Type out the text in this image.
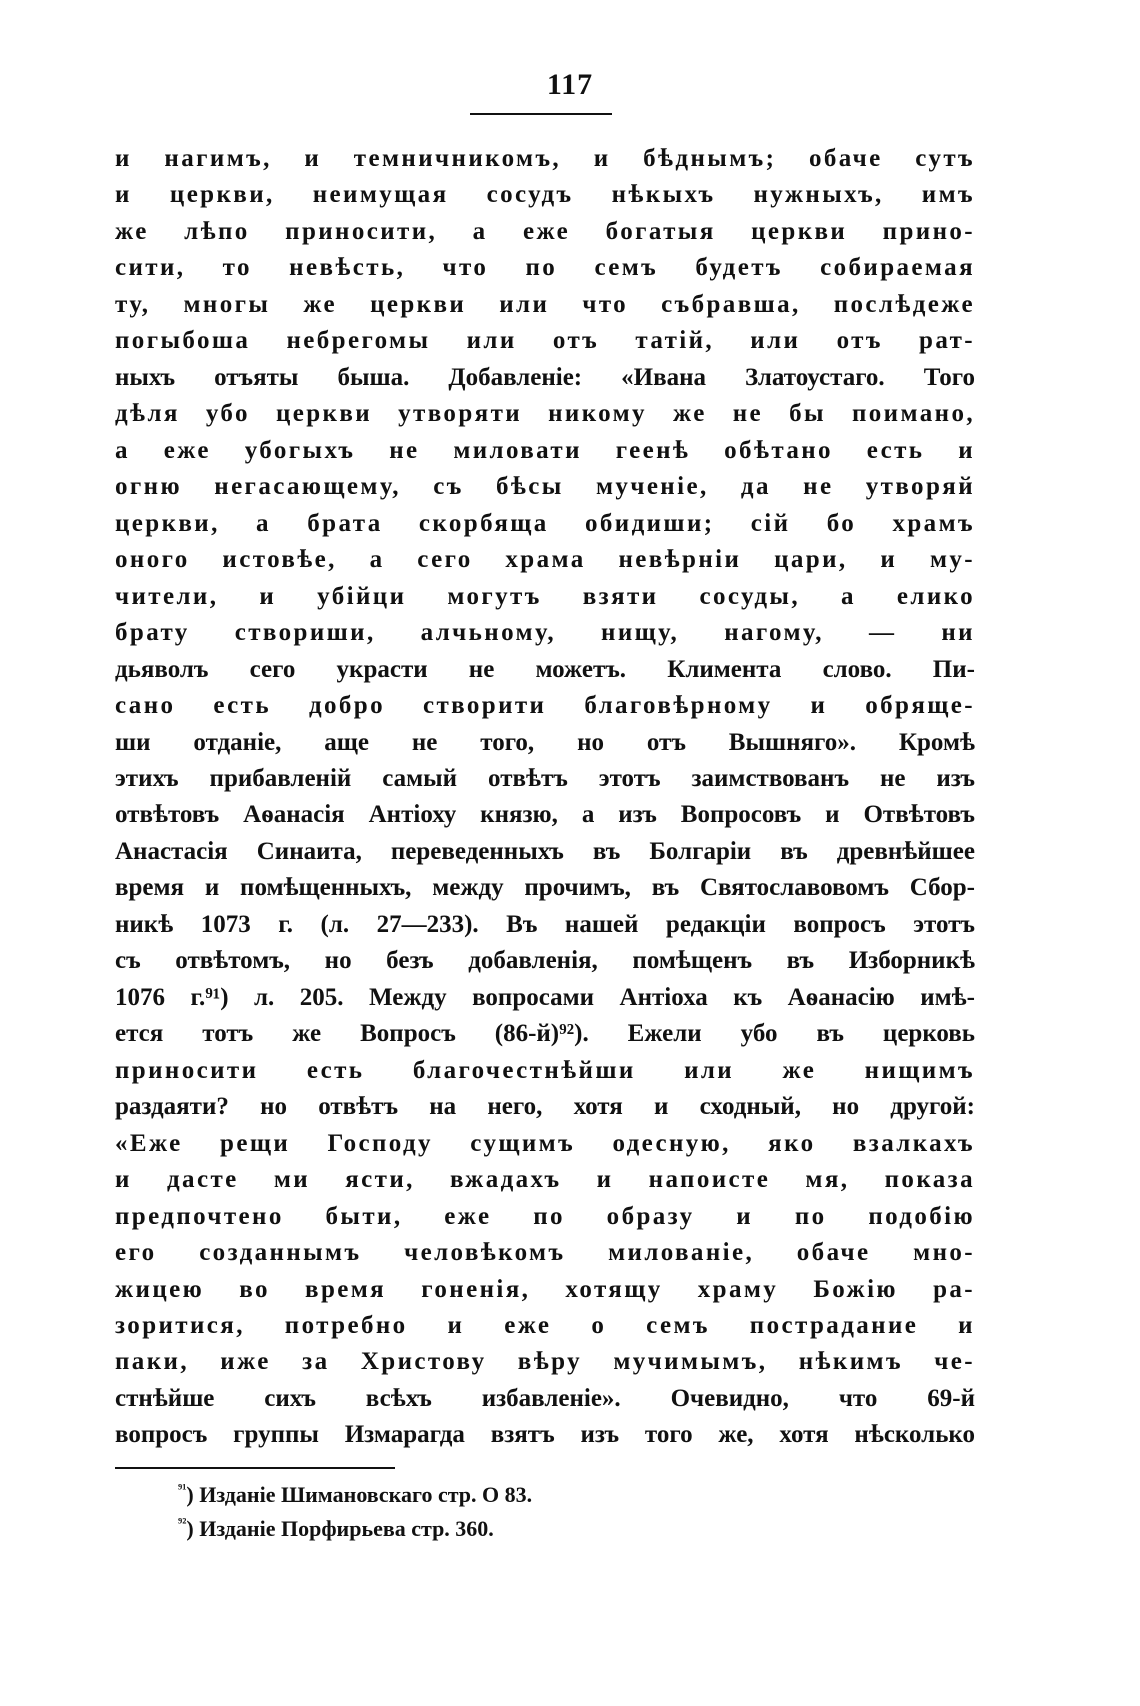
117
и нагимъ, и темничникомъ, и бѣднымъ; обаче сутъ
и церкви, неимущая сосудъ нѣкыхъ нужныхъ, имъ
же лѣпо приносити, а еже богатыя церкви прино-
сити, то невѣсть, что по семъ будетъ собираемая
ту, многы же церкви или что събравша, послѣдеже
погыбоша небрегомы или отъ татій, или отъ рат-
ныхъ отъяты быша. Добавленіе: «Ивана Златоустаго. Того
дѣля убо церкви утворяти никому же не бы поимано,
а еже убогыхъ не миловати геенѣ обѣтано есть и
огню негасающему, съ бѣсы мученіе, да не утворяй
церкви, а брата скорбяща обидиши; сій бо храмъ
оного истовѣе, а сего храма невѣрніи цари, и му-
чители, и убійци могутъ взяти сосуды, а елико
брату створиши, алчьному, нищу, нагому, — ни
дьяволъ сего украсти не можетъ. Климента слово. Пи-
сано есть добро створити благовѣрному и обряще-
ши отданіе, аще не того, но отъ Вышняго». Кромѣ
этихъ прибавленій самый отвѣтъ этотъ заимствованъ не изъ
отвѣтовъ Аѳанасія Антіоху князю, а изъ Вопросовъ и Отвѣтовъ
Анастасія Синаита, переведенныхъ въ Болгаріи въ древнѣйшее
время и помѣщенныхъ, между прочимъ, въ Святославовомъ Сбор-
никѣ 1073 г. (л. 27—233). Въ нашей редакціи вопросъ этотъ
съ отвѣтомъ, но безъ добавленія, помѣщенъ въ Изборникѣ
1076 г.⁹¹) л. 205. Между вопросами Антіоха къ Аѳанасію имѣ-
ется тотъ же Вопросъ (86-й)⁹²). Ежели убо въ церковь
приносити есть благочестнѣйши или же нищимъ
раздаяти? но отвѣтъ на него, хотя и сходный, но другой:
«Еже рещи Господу сущимъ одесную, яко взалкахъ
и дасте ми ясти, вжадахъ и напоисте мя, показа
предпочтено быти, еже по образу и по подобію
его созданнымъ человѣкомъ милованіе, обаче мно-
жицею во время гоненія, хотящу храму Божію ра-
зоритися, потребно и еже о семъ пострадание и
паки, иже за Христову вѣру мучимымъ, нѣкимъ че-
стнѣйше сихъ всѣхъ избавленіе». Очевидно, что 69-й
вопросъ группы Измарагда взятъ изъ того же, хотя нѣсколько
$^{^{91}}$) Изданіе Шимановскаго стр. О 83.
$^{^{92}}$) Изданіе Порфирьева стр. 360.
